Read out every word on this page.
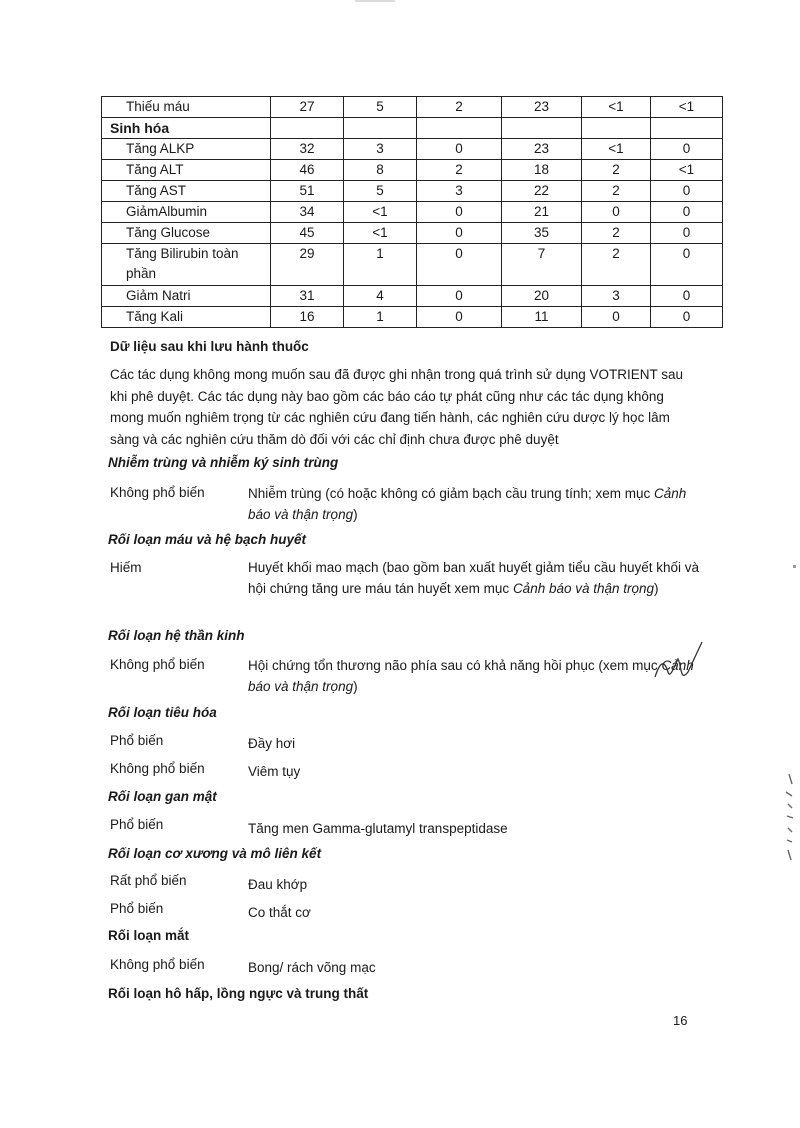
Thiếu máu	27	5	2	23	<1	<1
Sinh hóa						
Tăng ALKP	32	3	0	23	<1	0
Tăng ALT	46	8	2	18	2	<1
Tăng AST	51	5	3	22	2	0
GiảmAlbumin	34	<1	0	21	0	0
Tăng Glucose	45	<1	0	35	2	0
Tăng Bilirubin toàn phần	29	1	0	7	2	0
Giảm Natri	31	4	0	20	3	0
Tăng Kali	16	1	0	11	0	0
Dữ liệu sau khi lưu hành thuốc
Các tác dụng không mong muốn sau đã được ghi nhận trong quá trình sử dụng VOTRIENT sau khi phê duyệt. Các tác dụng này bao gồm các báo cáo tự phát cũng như các tác dụng không mong muốn nghiêm trọng từ các nghiên cứu đang tiến hành, các nghiên cứu dược lý học lâm sàng và các nghiên cứu thăm dò đối với các chỉ định chưa được phê duyệt
Nhiễm trùng và nhiễm ký sinh trùng
Không phổ biến	Nhiễm trùng (có hoặc không có giảm bạch cầu trung tính; xem mục Cảnh báo và thận trọng)
Rối loạn máu và hệ bạch huyết
Hiếm	Huyết khối mao mạch (bao gồm ban xuất huyết giảm tiểu cầu huyết khối và hội chứng tăng ure máu tán huyết xem mục Cảnh báo và thận trọng)
Rối loạn hệ thần kinh
Không phổ biến	Hội chứng tổn thương não phía sau có khả năng hồi phục (xem mục Cảnh báo và thận trọng)
Rối loạn tiêu hóa
Phổ biến	Đầy hơi
Không phổ biến	Viêm tụy
Rối loạn gan mật
Phổ biến	Tăng men Gamma-glutamyl transpeptidase
Rối loạn cơ xương và mô liên kết
Rất phổ biến	Đau khớp
Phổ biến	Co thắt cơ
Rối loạn mắt
Không phổ biến	Bong/ rách võng mạc
Rối loạn hô hấp, lồng ngực và trung thất
16
